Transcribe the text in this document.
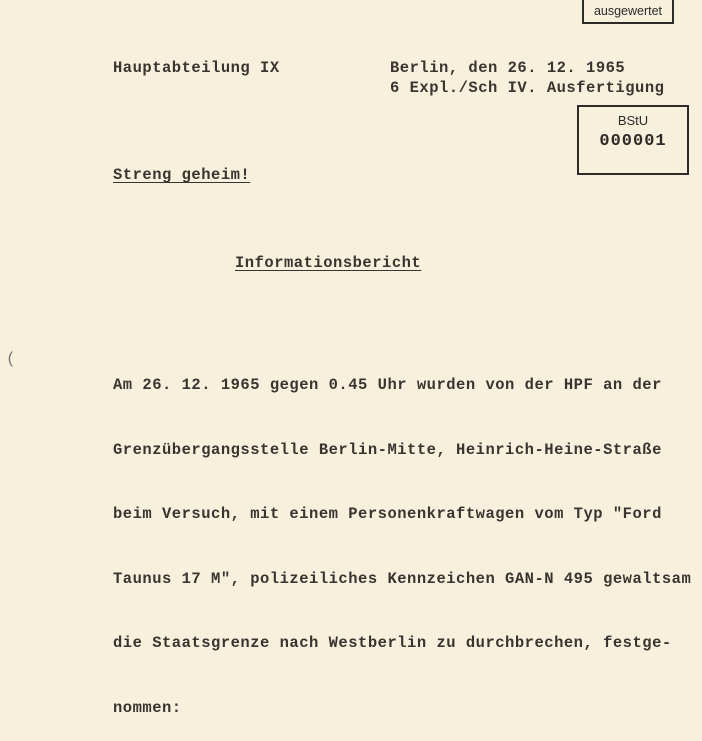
ausgewertet
BStU
000001
Hauptabteilung IX	Berlin, den 26. 12. 1965
6 Expl./Sch IV. Ausfertigung
Streng geheim!
Informationsbericht
(

Am 26. 12. 1965 gegen 0.45 Uhr wurden von der HPF an der

Grenzübergangsstelle Berlin-Mitte, Heinrich-Heine-Straße

beim Versuch, mit einem Personenkraftwagen vom Typ "Ford

Taunus 17 M", polizeiliches Kennzeichen GAN-N 495 gewaltsam

die Staatsgrenze nach Westberlin zu durchbrechen, festge-

nommen:
